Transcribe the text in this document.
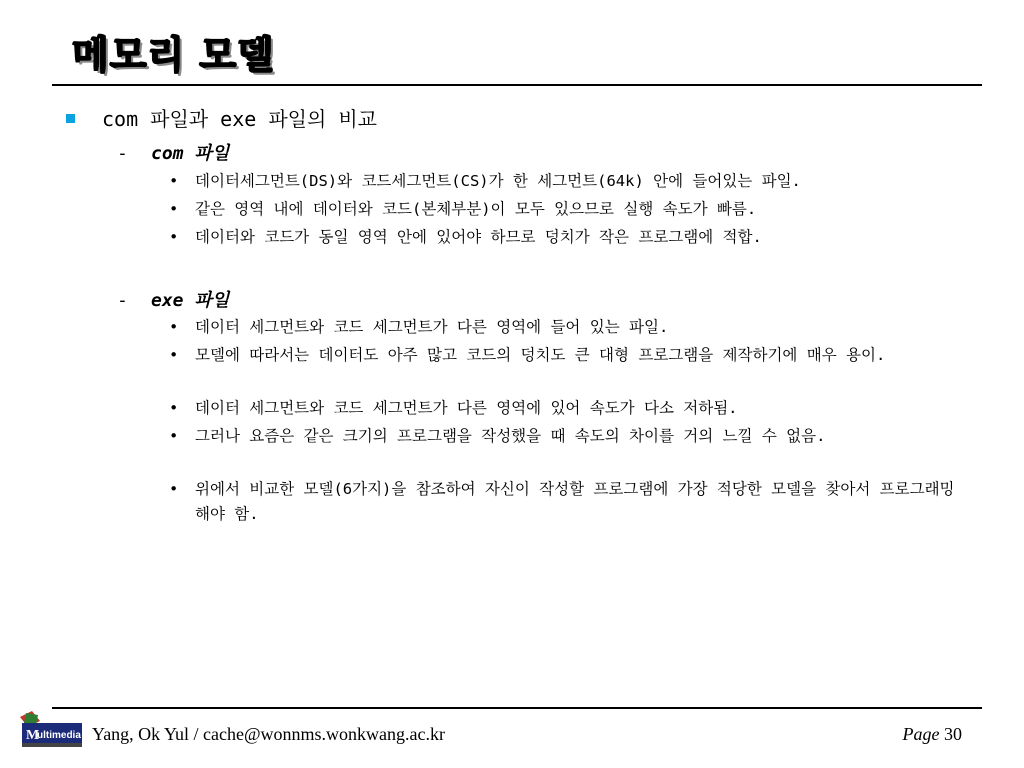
메모리 모델
com 파일과 exe 파일의 비교
- com 파일
•	데이터세그먼트(DS)와 코드세그먼트(CS)가 한 세그먼트(64k) 안에 들어있는 파일.
•	같은 영역 내에 데이터와 코드(본체부분)이 모두 있으므로 실행 속도가 빠름.
•	데이터와 코드가 동일 영역 안에 있어야 하므로 덩치가 작은 프로그램에 적합.
- exe 파일
•	데이터 세그먼트와 코드 세그먼트가 다른 영역에 들어 있는 파일.
•	모델에 따라서는 데이터도 아주 많고 코드의 덩치도 큰 대형 프로그램을 제작하기에 매우 용이.
•	데이터 세그먼트와 코드 세그먼트가 다른 영역에 있어 속도가 다소 저하됨.
•	그러나 요즘은 같은 크기의 프로그램을 작성했을 때 속도의 차이를 거의 느낄 수 없음.
•	위에서 비교한 모델(6가지)을 참조하여 자신이 작성할 프로그램에 가장 적당한 모델을 찾아서 프로그래밍해야 함.
M
ultimedia Yang, Ok Yul / cache@wonnms.wonkwang.ac.kr	Page 30
